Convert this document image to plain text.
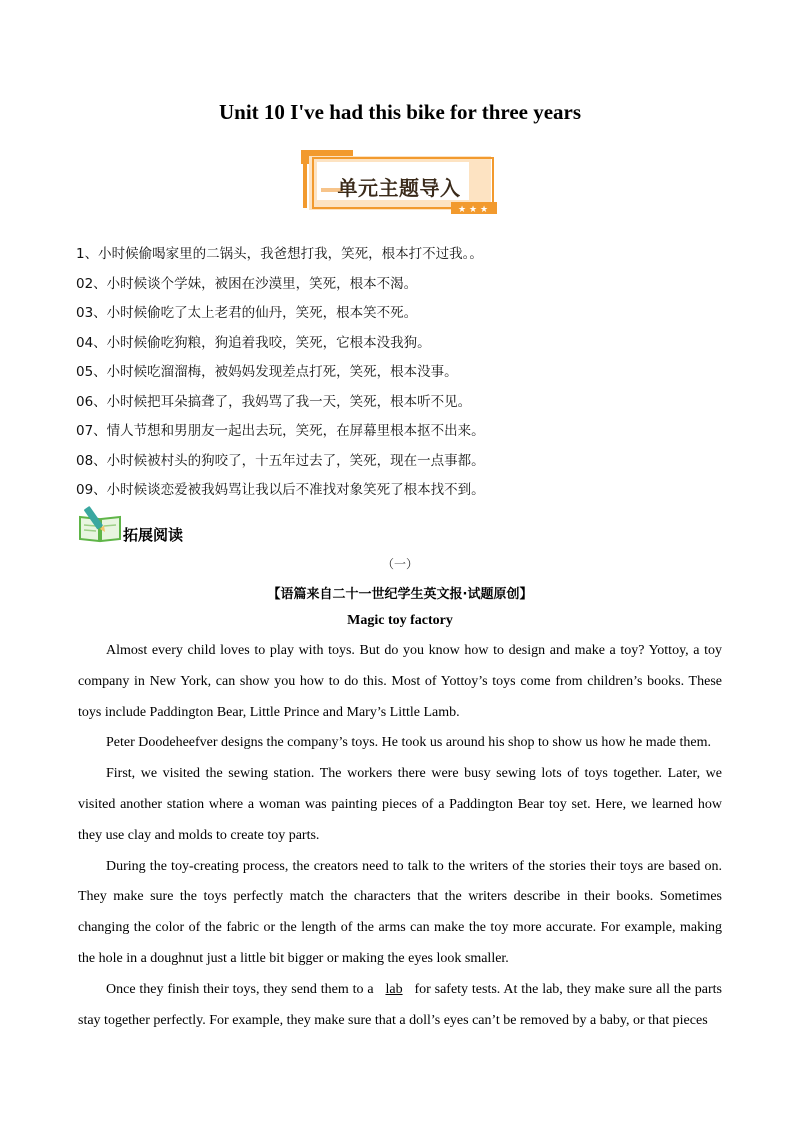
Unit 10 I've had this bike for three years
★ ★ ★
单元主题导入
1、小时候偷喝家里的二锅头，我爸想打我，笑死，根本打不过我。。
02、小时候谈个学妹，被困在沙漠里，笑死，根本不渴。
03、小时候偷吃了太上老君的仙丹，笑死，根本笑不死。
04、小时候偷吃狗粮，狗追着我咬，笑死，它根本没我狗。
05、小时候吃溜溜梅，被妈妈发现差点打死，笑死，根本没事。
06、小时候把耳朵搞聋了，我妈骂了我一天，笑死，根本听不见。
07、情人节想和男朋友一起出去玩，笑死，在屏幕里根本抠不出来。
08、小时候被村头的狗咬了，十五年过去了，笑死，现在一点事都。
09、小时候谈恋爱被我妈骂让我以后不准找对象笑死了根本找不到。
拓展阅读
（一）
【语篇来自二十一世纪学生英文报·试题原创】
Magic toy factory

Almost every child loves to play with toys. But do you know how to design and make a toy? Yottoy, a toy company in New York, can show you how to do this. Most of Yottoy’s toys come from children’s books. These toys include Paddington Bear, Little Prince and Mary’s Little Lamb.

Peter Doodeheefver designs the company’s toys. He took us around his shop to show us how he made them.

First, we visited the sewing station. The workers there were busy sewing lots of toys together. Later, we visited another station where a woman was painting pieces of a Paddington Bear toy set. Here, we learned how they use clay and molds to create toy parts.

During the toy-creating process, the creators need to talk to the writers of the stories their toys are based on. They make sure the toys perfectly match the characters that the writers describe in their books. Sometimes changing the color of the fabric or the length of the arms can make the toy more accurate. For example, making the hole in a doughnut just a little bit bigger or making the eyes look smaller.

Once they finish their toys, they send them to a lab for safety tests. At the lab, they make sure all the parts stay together perfectly. For example, they make sure that a doll’s eyes can’t be removed by a baby, or that pieces
